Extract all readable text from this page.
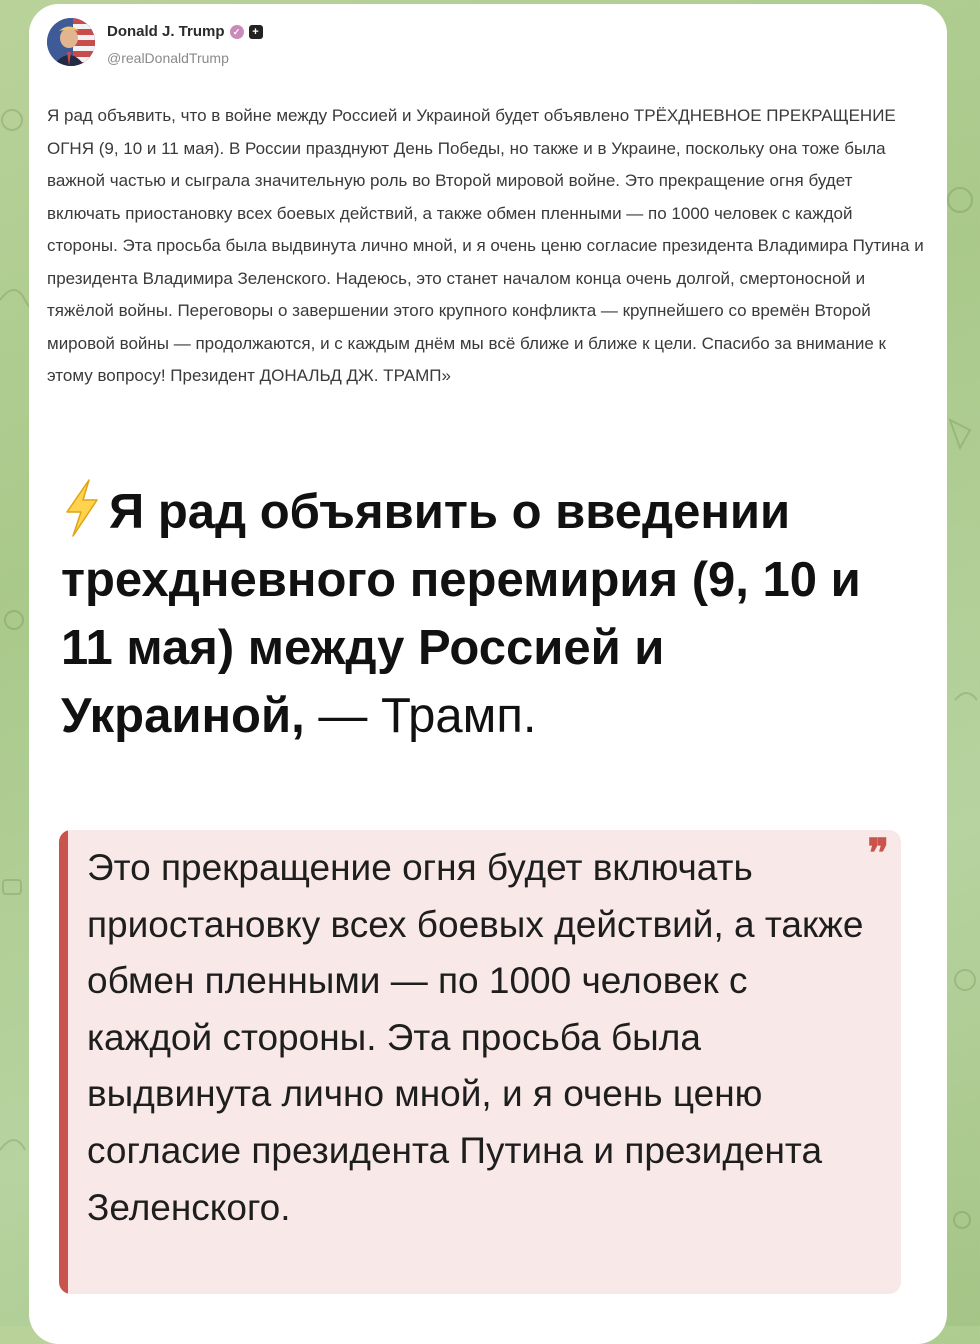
Donald J. Trump ✓	+
@realDonaldTrump

Я рад объявить, что в войне между Россией и Украиной будет объявлено ТРЁХДНЕВНОЕ ПРЕКРАЩЕНИЕ ОГНЯ (9, 10 и 11 мая). В России празднуют День Победы, но также и в Украине, поскольку она тоже была важной частью и сыграла значительную роль во Второй мировой войне. Это прекращение огня будет включать приостановку всех боевых действий, а также обмен пленными — по 1000 человек с каждой стороны. Эта просьба была выдвинута лично мной, и я очень ценю согласие президента Владимира Путина и президента Владимира Зеленского. Надеюсь, это станет началом конца очень долгой, смертоносной и тяжёлой войны. Переговоры о завершении этого крупного конфликта — крупнейшего со времён Второй мировой войны — продолжаются, и с каждым днём мы всё ближе и ближе к цели. Спасибо за внимание к этому вопросу! Президент ДОНАЛЬД ДЖ. ТРАМП»

Я рад объявить о введении трехдневного перемирия (9, 10 и 11 мая) между Россией и Украиной, — Трамп.

❞

Это прекращение огня будет включать приостановку всех боевых действий, а также обмен пленными — по 1000 человек с каждой стороны. Эта просьба была выдвинута лично мной, и я очень ценю согласие президента Путина и президента Зеленского.
